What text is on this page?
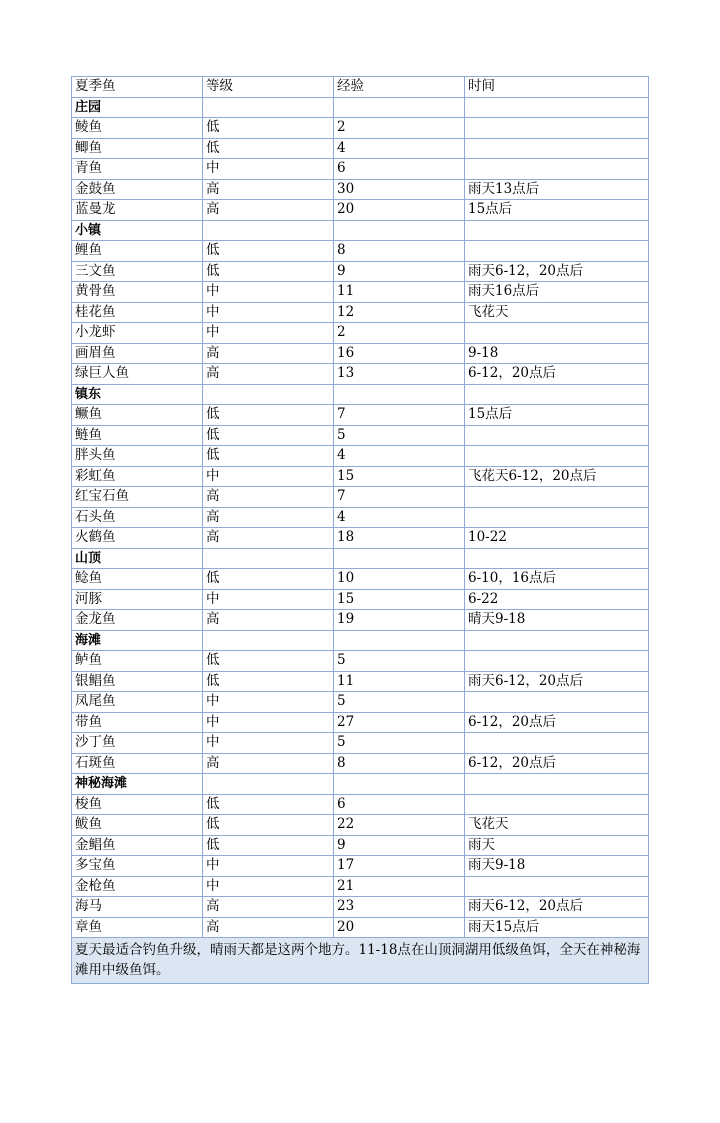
夏季鱼	等级	经验	时间
庄园			
鲮鱼	低	2	
鲫鱼	低	4	
青鱼	中	6	
金鼓鱼	高	30	雨天13点后
蓝曼龙	高	20	15点后
小镇			
鲤鱼	低	8	
三文鱼	低	9	雨天6-12，20点后
黄骨鱼	中	11	雨天16点后
桂花鱼	中	12	飞花天
小龙虾	中	2	
画眉鱼	高	16	9-18
绿巨人鱼	高	13	6-12，20点后
镇东			
鳜鱼	低	7	15点后
鲢鱼	低	5	
胖头鱼	低	4	
彩虹鱼	中	15	飞花天6-12，20点后
红宝石鱼	高	7	
石头鱼	高	4	
火鹤鱼	高	18	10-22
山顶			
鲶鱼	低	10	6-10，16点后
河豚	中	15	6-22
金龙鱼	高	19	晴天9-18
海滩			
鲈鱼	低	5	
银鲳鱼	低	11	雨天6-12，20点后
凤尾鱼	中	5	
带鱼	中	27	6-12，20点后
沙丁鱼	中	5	
石斑鱼	高	8	6-12，20点后
神秘海滩			
梭鱼	低	6	
鲅鱼	低	22	飞花天
金鲳鱼	低	9	雨天
多宝鱼	中	17	雨天9-18
金枪鱼	中	21	
海马	高	23	雨天6-12，20点后
章鱼	高	20	雨天15点后
夏天最适合钓鱼升级，晴雨天都是这两个地方。11-18点在山顶洞湖用低级鱼饵，全天在神秘海滩用中级鱼饵。
